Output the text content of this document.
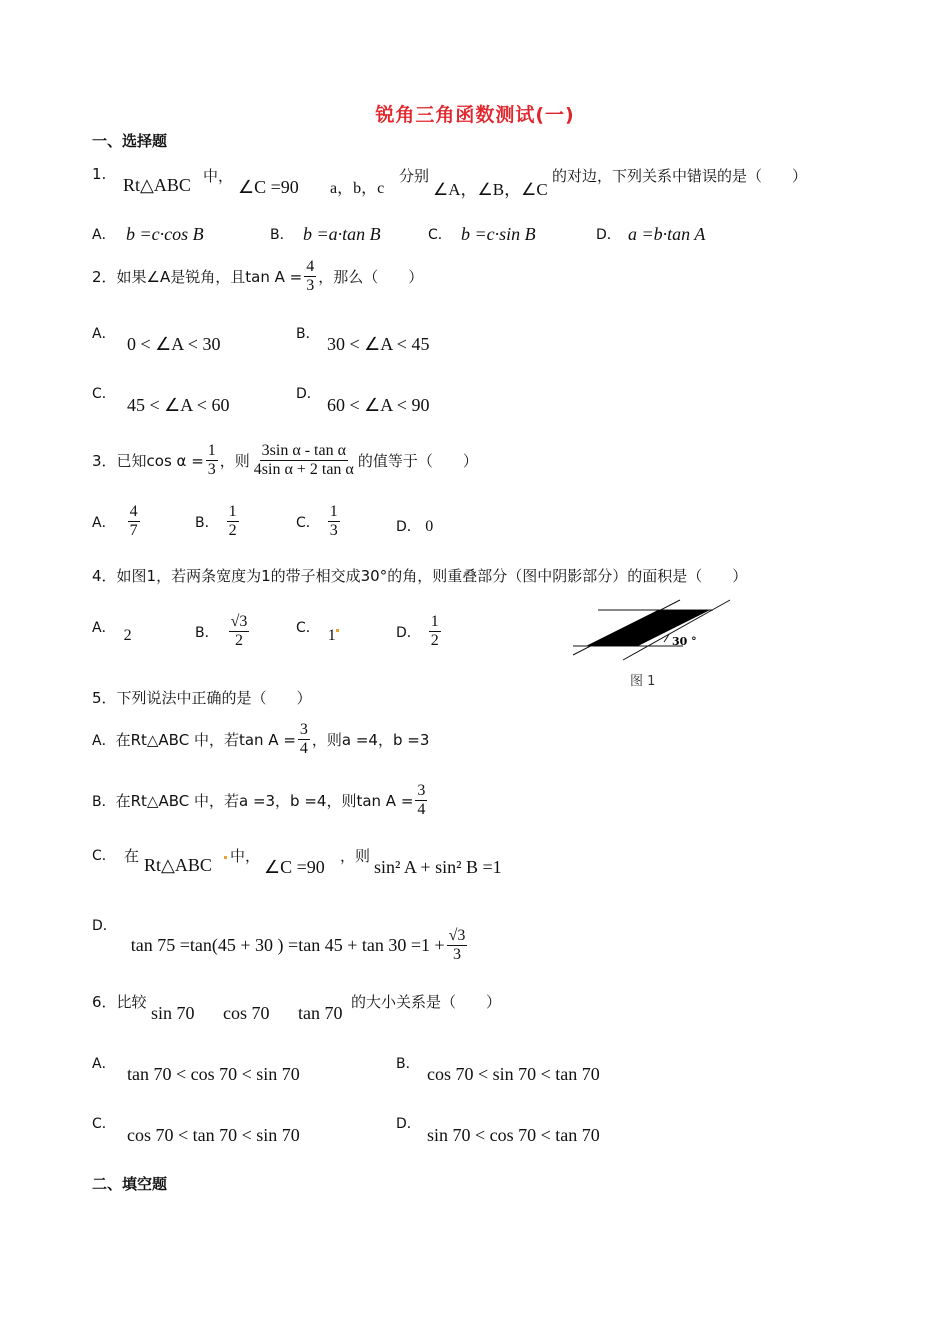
锐角三角函数测试(一)
一、选择题
1.
Rt△ABC 中，
∠C =90 a，b，c
分别
∠A，∠B，∠C
的对边，下列关系中错误的是（　　）
A． b =c·cos B	B． b =a·tan B	C． b =c·sin B	D． a =b·tan A
2．如果∠A是锐角，且$\tan A = \frac{4}{3}$ ，那么（　　）
A． 0 < ∠A < 30	B． 30 < ∠A < 45
C．
45 < ∠A < 60
D．
60 < ∠A < 90
3．已知$\cos \alpha = \frac{1}{3}$ ，则 $\frac{\text{3sin α - tan α}}{\text{4sin α + 2 tan α}}$ 的值等于（　　）
A． $\frac{4}{7}$	B． $\frac{1}{2}$	C． $\frac{1}{3}$	D． 0
4．如图1，若两条宽度为1的带子相交成30°的角，则重叠部分（图中阴影部分）的面积是（　　）
A． 2	B． $\frac{√3}{2}$	C． 1	D． $\frac{1}{2}$	30 °
图 1
5．下列说法中正确的是（　　）
A． 在Rt△ABC 中，若$\tan A = \frac{3}{4}$ ，则a =4，b =3
B． 在Rt△ABC 中，若a =3，b =4，则$\tan A = \frac{3}{4}$
C． 在 Rt△ABC 中，
∠C =90
，则
sin² A + sin² B =1
D．
tan 75 =tan(45 + 30 ) =tan $45 + \tan 30 =1 + \frac{√3}{3}$
6．比较
sin 70 cos 70 tan 70
的大小关系是（　　）
A． tan 70 < cos 70 < sin 70	B． cos 70 < sin 70 < tan 70
C．
cos 70 < tan 70 < sin 70
D．
sin 70 < cos 70 < tan 70
二、填空题
